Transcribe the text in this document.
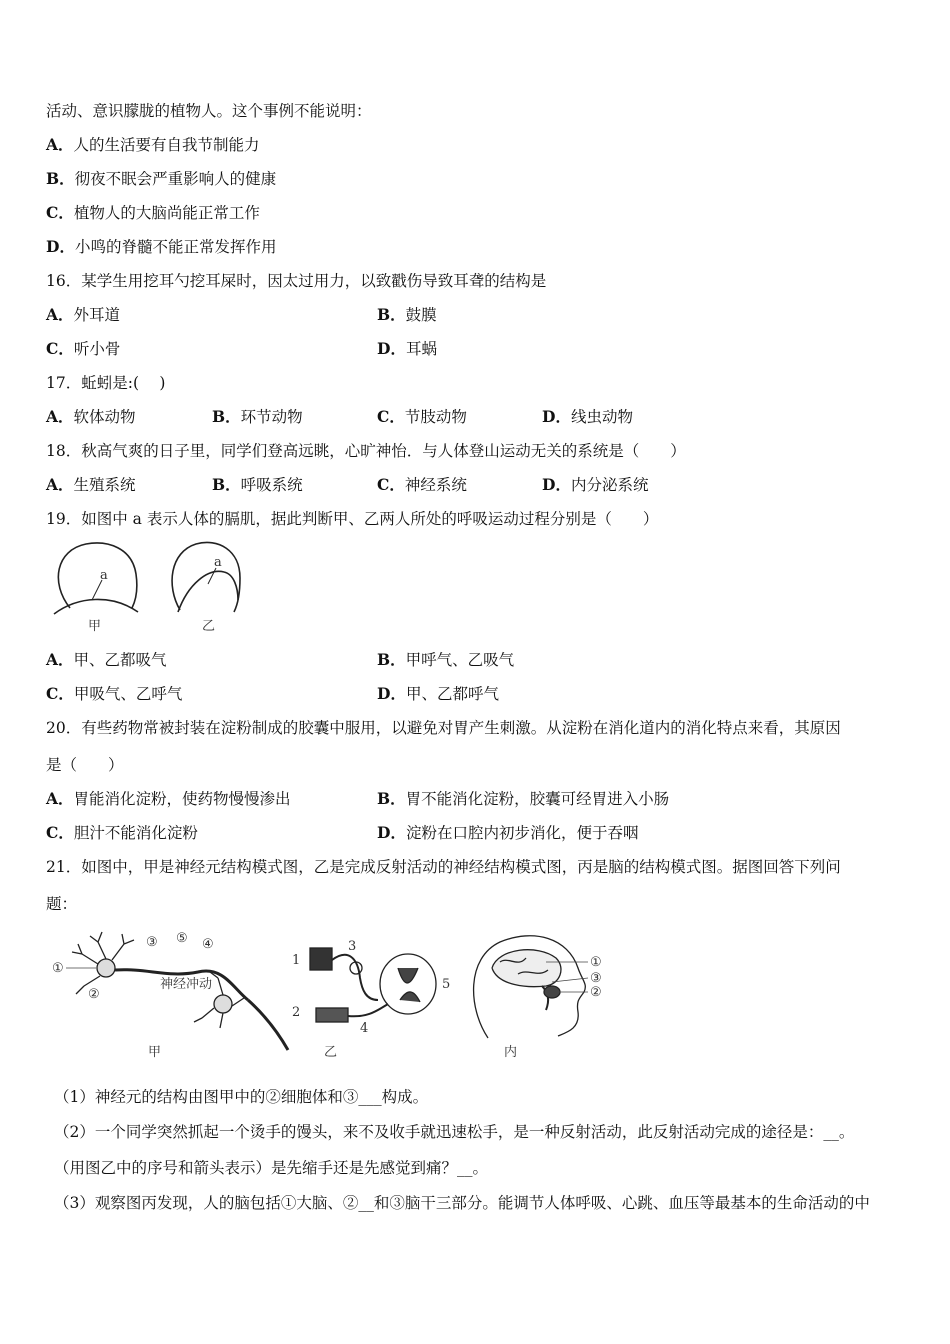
活动、意识朦胧的植物人。这个事例不能说明：
A．人的生活要有自我节制能力
B．彻夜不眠会严重影响人的健康
C．植物人的大脑尚能正常工作
D．小鸣的脊髓不能正常发挥作用
16．某学生用挖耳勺挖耳屎时，因太过用力，以致戳伤导致耳聋的结构是
A．外耳道	B．鼓膜
C．听小骨	D．耳蜗
17．蚯蚓是:(　 )
A．软体动物	B．环节动物	C．节肢动物	D．线虫动物
18．秋高气爽的日子里，同学们登高远眺，心旷神怡．与人体登山运动无关的系统是（　　）
A．生殖系统	B．呼吸系统	C．神经系统	D．内分泌系统
19．如图中 a 表示人体的膈肌，据此判断甲、乙两人所处的呼吸运动过程分别是（　　）
a
甲
a
乙
A．甲、乙都吸气	B．甲呼气、乙吸气
C．甲吸气、乙呼气	D．甲、乙都呼气
20．有些药物常被封装在淀粉制成的胶囊中服用，以避免对胃产生刺激。从淀粉在消化道内的消化特点来看，其原因
是（　　）
A．胃能消化淀粉，使药物慢慢渗出	B．胃不能消化淀粉，胶囊可经胃进入小肠
C．胆汁不能消化淀粉	D．淀粉在口腔内初步消化，便于吞咽
21．如图中，甲是神经元结构模式图，乙是完成反射活动的神经结构模式图，丙是脑的结构模式图。据图回答下列问
题：
①
③ ⑤ ④
②
神经冲动
甲
1
2
3
4
5
乙
①
③
②
内
（1）神经元的结构由图甲中的②细胞体和③___构成。
（2）一个同学突然抓起一个烫手的馒头，来不及收手就迅速松手，是一种反射活动，此反射活动完成的途径是：__。
（用图乙中的序号和箭头表示）是先缩手还是先感觉到痛？__。
（3）观察图丙发现，人的脑包括①大脑、②__和③脑干三部分。能调节人体呼吸、心跳、血压等最基本的生命活动的中
